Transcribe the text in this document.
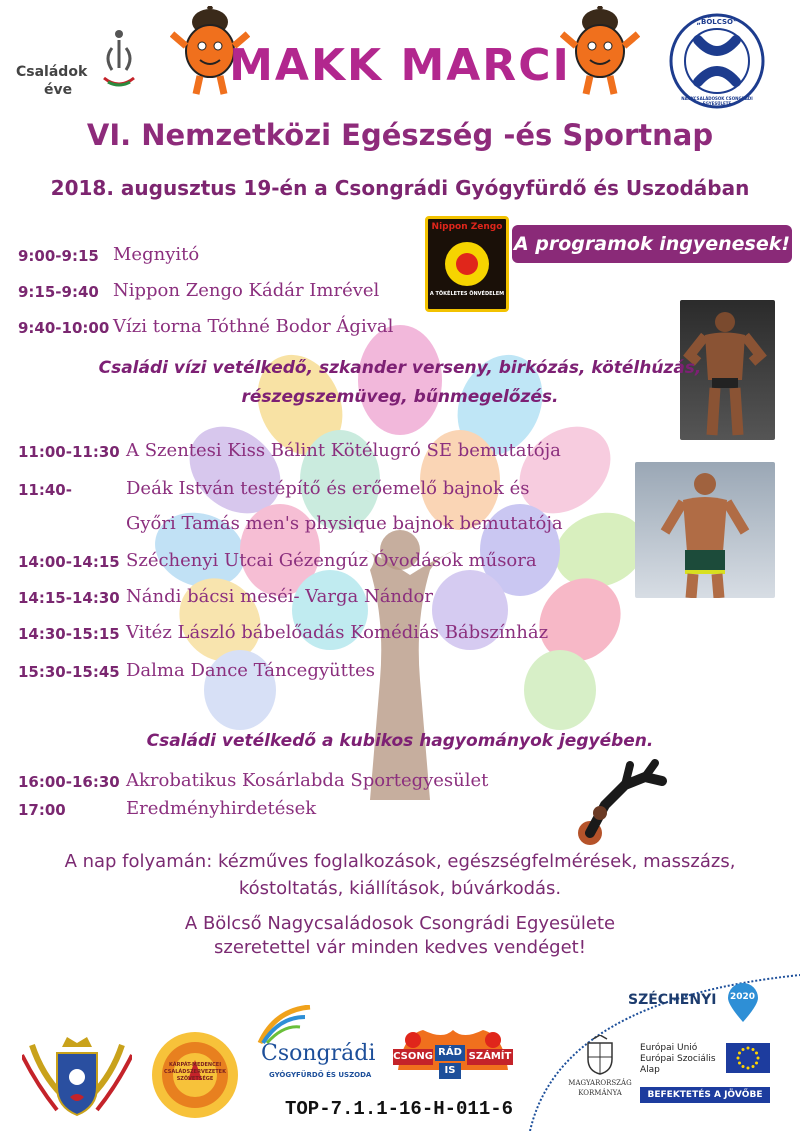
Családok
éve
„BÖLCSŐ”
NAGYCSALÁDOSOK CSONGRÁDI EGYESÜLETE
MAKK MARCI
VI. Nemzetközi Egészség -és Sportnap
2018. augusztus 19-én a Csongrádi Gyógyfürdő és Uszodában
Nippon Zengo
A TÖKÉLETES ÖNVÉDELEM
A programok ingyenesek!
9:00-9:15 Megnyitó
9:15-9:40 Nippon Zengo Kádár Imrével
9:40-10:00 Vízi torna Tóthné Bodor Ágival
Családi vízi vetélkedő, szkander verseny, birkózás, kötélhúzás,
részegszemüveg, bűnmegelőzés.
11:00-11:30 A Szentesi Kiss Bálint Kötélugró SE bemutatója
11:40-	Deák István testépítő és erőemelő bajnok és
Győri Tamás men's physique bajnok bemutatója
14:00-14:15 Széchenyi Utcai Gézengúz Óvodások műsora
14:15-14:30 Nándi bácsi meséi- Varga Nándor
14:30-15:15 Vitéz László bábelőadás Komédiás Bábszínház
15:30-15:45 Dalma Dance Táncegyüttes
Családi vetélkedő a kubikos hagyományok jegyében.
16:00-16:30 Akrobatikus Kosárlabda Sportegyesület
17:00	Eredményhirdetések
A nap folyamán: kézműves foglalkozások, egészségfelmérések, masszázs,
kóstoltatás, kiállítások, búvárkodás.
A Bölcső Nagycsaládosok Csongrádi Egyesülete
szeretettel vár minden kedves vendéget!
SZÉCHENYI 2020
KÁRPÁT-MEDENCEI CSALÁDSZERVEZETEK SZÖVETSÉGE
Csongrádi
GYÓGYFÜRDŐ ÉS USZODA
CSONG RÁD
IS
SZÁMÍT
TOP-7.1.1-16-H-011-6
MAGYARORSZÁG
KORMÁNYA
Európai Unió
Európai Szociális
Alap
BEFEKTETÉS A JÖVŐBE
